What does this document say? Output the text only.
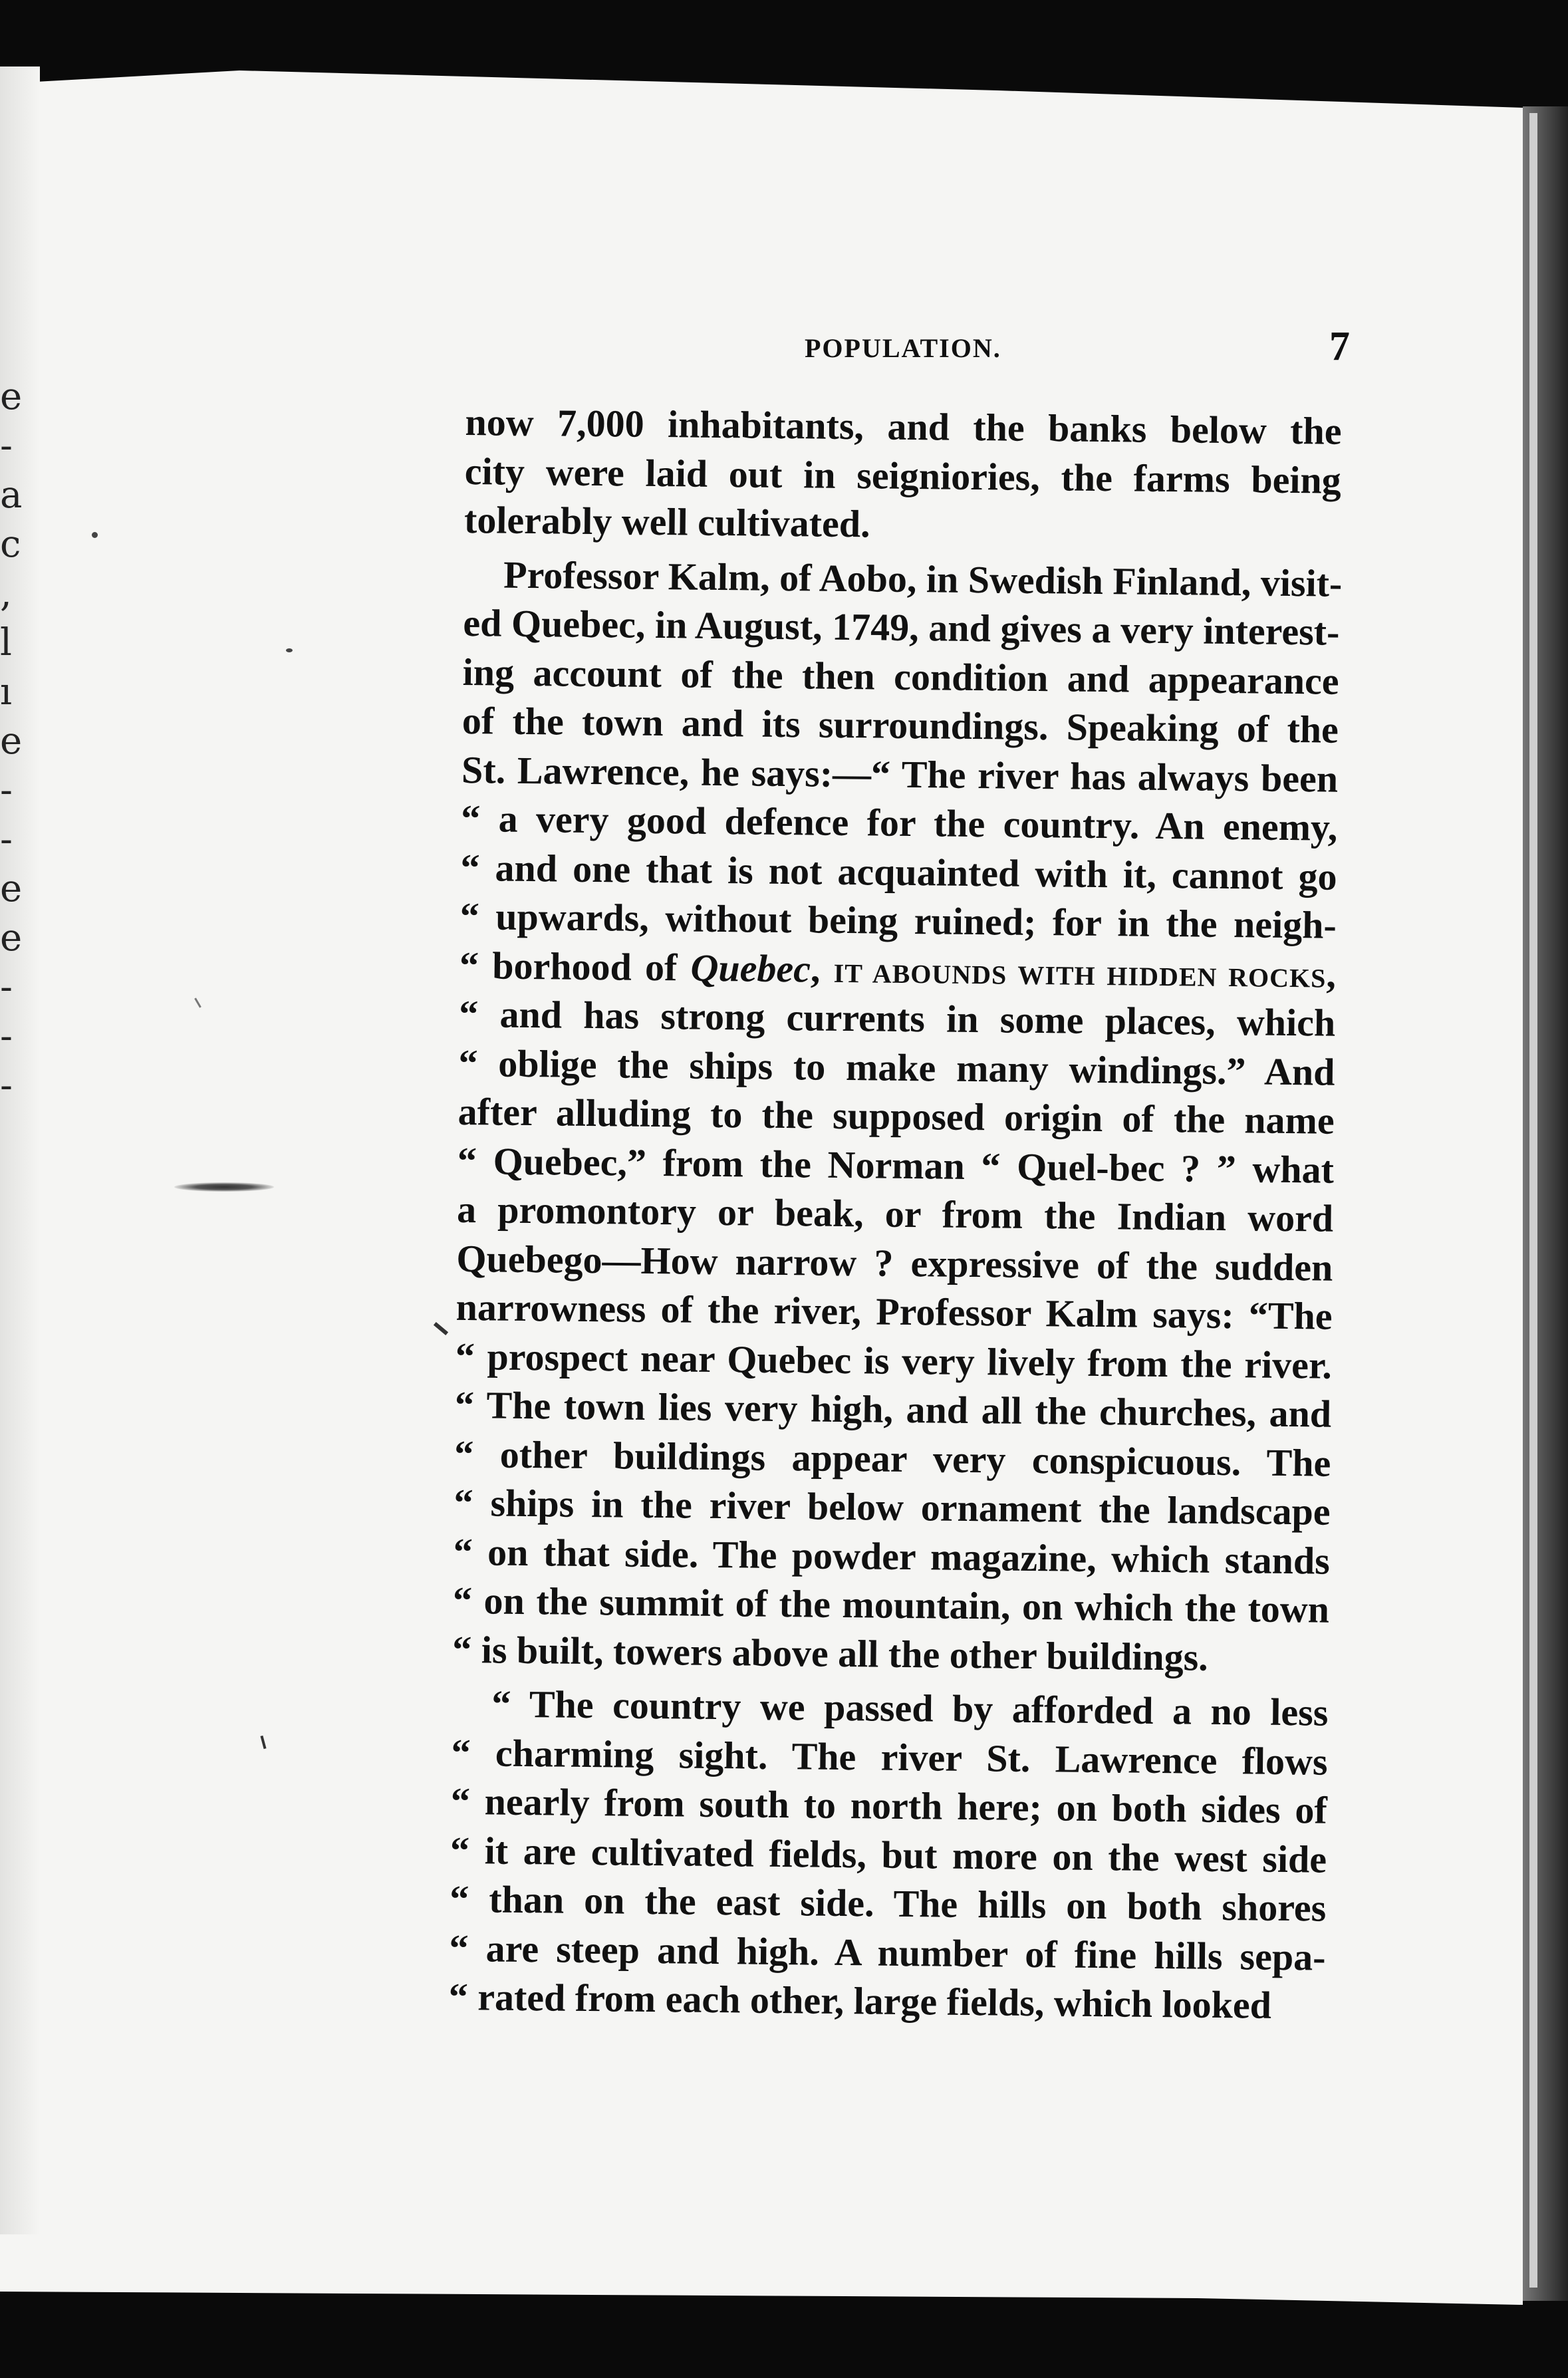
e
-
a
c
,
l
ı
e
-
-
e
e
-
-
-
POPULATION.	7
now 7,000 inhabitants, and the banks below the
city were laid out in seigniories, the farms being
tolerably well cultivated.
Professor Kalm, of Aobo, in Swedish Finland, visit-
ed Quebec, in August, 1749, and gives a very interest-
ing account of the then condition and appearance
of the town and its surroundings. Speaking of the
St. Lawrence, he says:—“ The river has always been
“ a very good defence for the country. An enemy,
“ and one that is not acquainted with it, cannot go
“ upwards, without being ruined; for in the neigh-
“ borhood of Quebec, IT ABOUNDS WITH HIDDEN ROCKS,
“ and has strong currents in some places, which
“ oblige the ships to make many windings.” And
after alluding to the supposed origin of the name
“ Quebec,” from the Norman “ Quel-bec ? ” what
a promontory or beak, or from the Indian word
Quebego—How narrow ? expressive of the sudden
narrowness of the river, Professor Kalm says: “The
“ prospect near Quebec is very lively from the river.
“ The town lies very high, and all the churches, and
“ other buildings appear very conspicuous. The
“ ships in the river below ornament the landscape
“ on that side. The powder magazine, which stands
“ on the summit of the mountain, on which the town
“ is built, towers above all the other buildings.
“ The country we passed by afforded a no less
“ charming sight. The river St. Lawrence flows
“ nearly from south to north here; on both sides of
“ it are cultivated fields, but more on the west side
“ than on the east side. The hills on both shores
“ are steep and high. A number of fine hills sepa-
“ rated from each other, large fields, which looked
